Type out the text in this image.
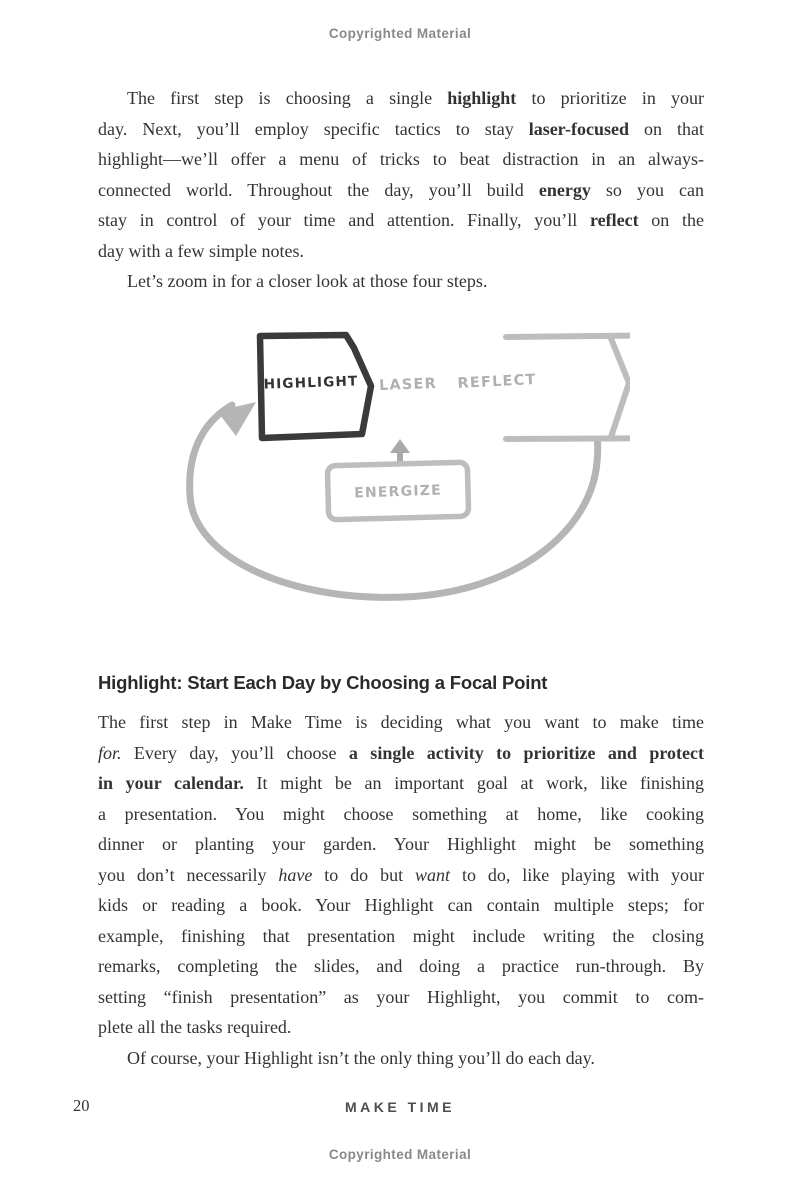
Copyrighted Material
The first step is choosing a single highlight to prioritize in your
day. Next, you’ll employ specific tactics to stay laser-focused on that
highlight—we’ll offer a menu of tricks to beat distraction in an always-
connected world. Throughout the day, you’ll build energy so you can
stay in control of your time and attention. Finally, you’ll reflect on the
day with a few simple notes.
Let’s zoom in for a closer look at those four steps.
HIGHLIGHT LASER REFLECT
ENERGIZE
Highlight: Start Each Day by Choosing a Focal Point
The first step in Make Time is deciding what you want to make time
for. Every day, you’ll choose a single activity to prioritize and protect
in your calendar. It might be an important goal at work, like finishing
a presentation. You might choose something at home, like cooking
dinner or planting your garden. Your Highlight might be something
you don’t necessarily have to do but want to do, like playing with your
kids or reading a book. Your Highlight can contain multiple steps; for
example, finishing that presentation might include writing the closing
remarks, completing the slides, and doing a practice run-through. By
setting “finish presentation” as your Highlight, you commit to com-
plete all the tasks required.
Of course, your Highlight isn’t the only thing you’ll do each day.
20	MAKE TIME
Copyrighted Material
